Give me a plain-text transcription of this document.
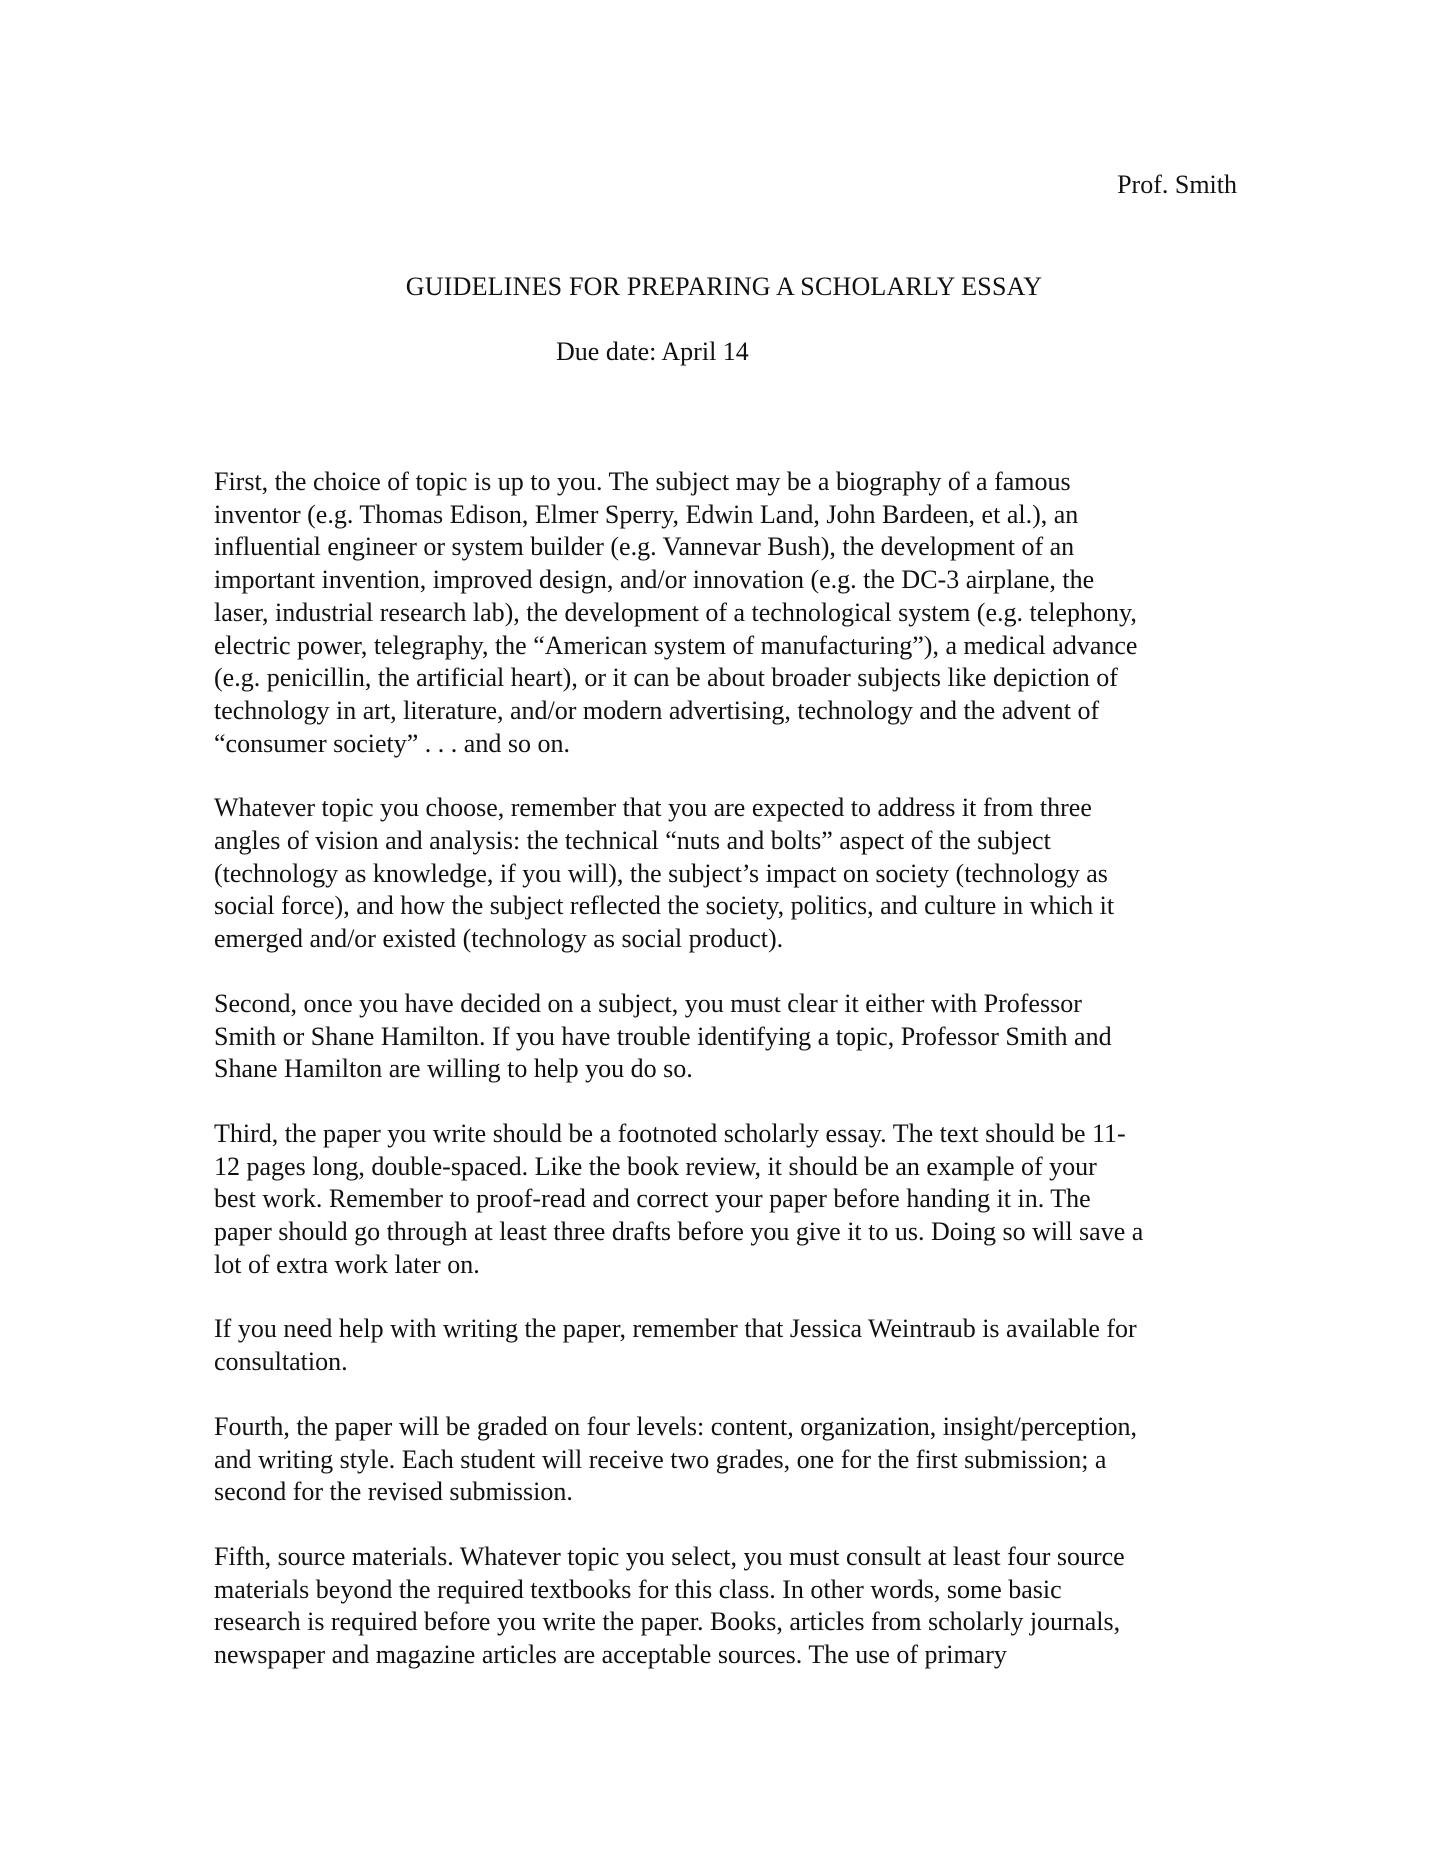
Prof. Smith
GUIDELINES FOR PREPARING A SCHOLARLY ESSAY
Due date: April 14
First, the choice of topic is up to you. The subject may be a biography of a famous
inventor (e.g. Thomas Edison, Elmer Sperry, Edwin Land, John Bardeen, et al.), an
influential engineer or system builder (e.g. Vannevar Bush), the development of an
important invention, improved design, and/or innovation (e.g. the DC-3 airplane, the
laser, industrial research lab), the development of a technological system (e.g. telephony,
electric power, telegraphy, the “American system of manufacturing”), a medical advance
(e.g. penicillin, the artificial heart), or it can be about broader subjects like depiction of
technology in art, literature, and/or modern advertising, technology and the advent of
“consumer society” . . . and so on.
Whatever topic you choose, remember that you are expected to address it from three
angles of vision and analysis: the technical “nuts and bolts” aspect of the subject
(technology as knowledge, if you will), the subject’s impact on society (technology as
social force), and how the subject reflected the society, politics, and culture in which it
emerged and/or existed (technology as social product).
Second, once you have decided on a subject, you must clear it either with Professor
Smith or Shane Hamilton. If you have trouble identifying a topic, Professor Smith and
Shane Hamilton are willing to help you do so.
Third, the paper you write should be a footnoted scholarly essay. The text should be 11-
12 pages long, double-spaced. Like the book review, it should be an example of your
best work. Remember to proof-read and correct your paper before handing it in. The
paper should go through at least three drafts before you give it to us. Doing so will save a
lot of extra work later on.
If you need help with writing the paper, remember that Jessica Weintraub is available for
consultation.
Fourth, the paper will be graded on four levels: content, organization, insight/perception,
and writing style. Each student will receive two grades, one for the first submission; a
second for the revised submission.
Fifth, source materials. Whatever topic you select, you must consult at least four source
materials beyond the required textbooks for this class. In other words, some basic
research is required before you write the paper. Books, articles from scholarly journals,
newspaper and magazine articles are acceptable sources. The use of primary
